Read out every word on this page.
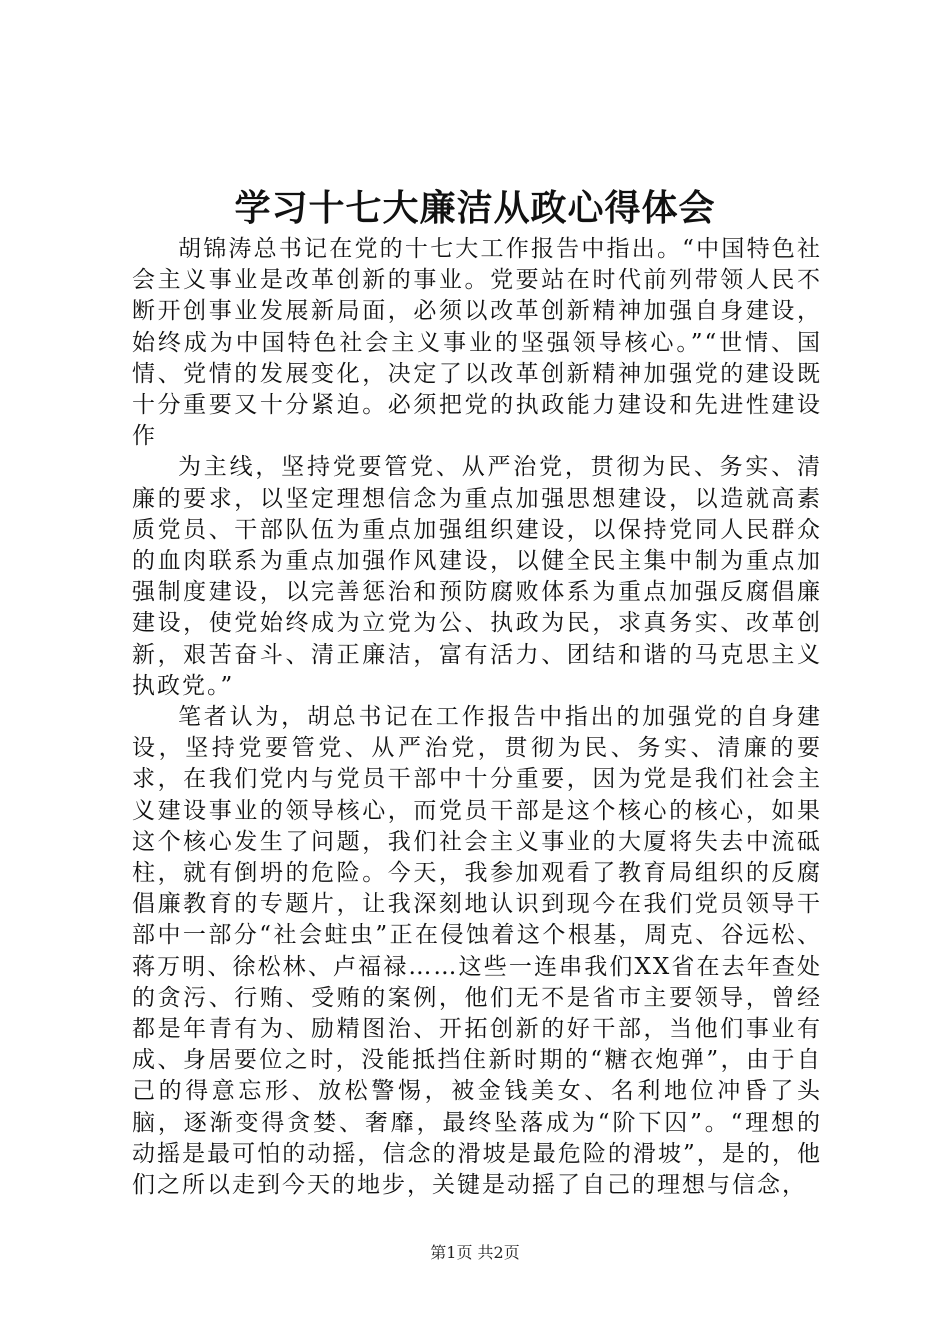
学习十七大廉洁从政心得体会

胡锦涛总书记在党的十七大工作报告中指出。“中国特色社会主义事业是改革创新的事业。党要站在时代前列带领人民不断开创事业发展新局面，必须以改革创新精神加强自身建设，始终成为中国特色社会主义事业的坚强领导核心。”“世情、国情、党情的发展变化，决定了以改革创新精神加强党的建设既十分重要又十分紧迫。必须把党的执政能力建设和先进性建设作

为主线，坚持党要管党、从严治党，贯彻为民、务实、清廉的要求，以坚定理想信念为重点加强思想建设，以造就高素质党员、干部队伍为重点加强组织建设，以保持党同人民群众的血肉联系为重点加强作风建设，以健全民主集中制为重点加强制度建设，以完善惩治和预防腐败体系为重点加强反腐倡廉建设，使党始终成为立党为公、执政为民，求真务实、改革创新，艰苦奋斗、清正廉洁，富有活力、团结和谐的马克思主义执政党。”

笔者认为，胡总书记在工作报告中指出的加强党的自身建设，坚持党要管党、从严治党，贯彻为民、务实、清廉的要求，在我们党内与党员干部中十分重要，因为党是我们社会主义建设事业的领导核心，而党员干部是这个核心的核心，如果这个核心发生了问题，我们社会主义事业的大厦将失去中流砥柱，就有倒坍的危险。今天，我参加观看了教育局组织的反腐倡廉教育的专题片，让我深刻地认识到现今在我们党员领导干部中一部分“社会蛀虫”正在侵蚀着这个根基，周克、谷远松、蒋万明、徐松林、卢福禄……这些一连串我们XX省在去年查处的贪污、行贿、受贿的案例，他们无不是省市主要领导，曾经都是年青有为、励精图治、开拓创新的好干部，当他们事业有成、身居要位之时，没能抵挡住新时期的“糖衣炮弹”，由于自己的得意忘形、放松警惕，被金钱美女、名利地位冲昏了头脑，逐渐变得贪婪、奢靡，最终坠落成为“阶下囚”。“理想的动摇是最可怕的动摇，信念的滑坡是最危险的滑坡”，是的，他们之所以走到今天的地步，关键是动摇了自己的理想与信念，

第1页 共2页
